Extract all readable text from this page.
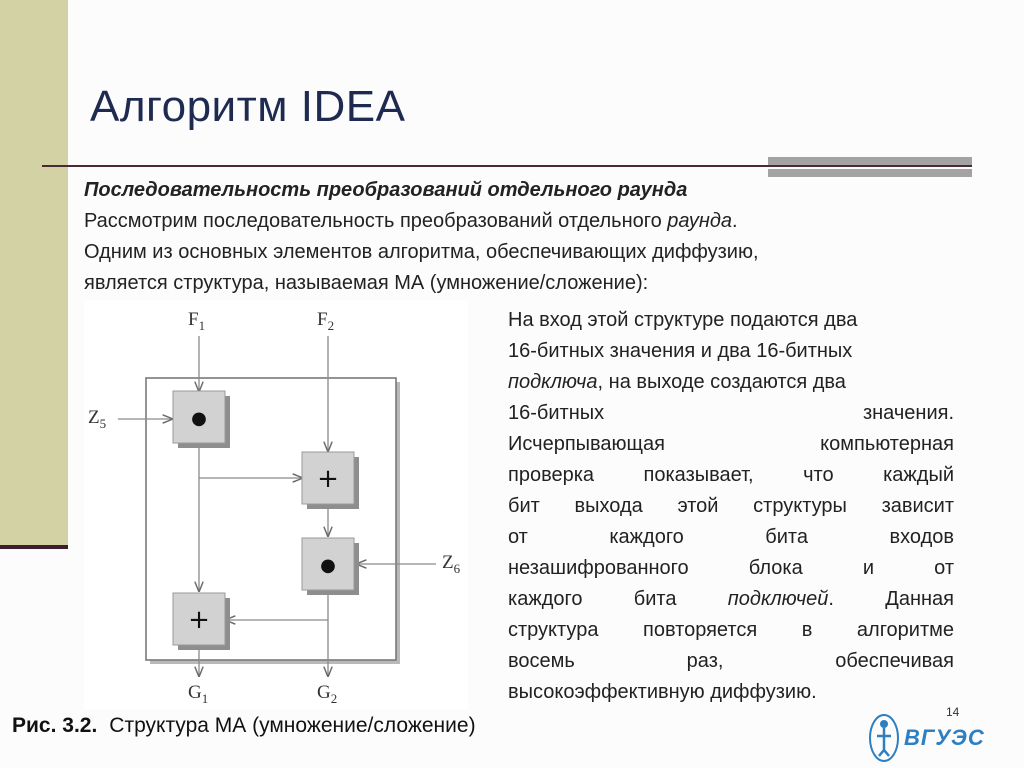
Алгоритм IDEA
Последовательность преобразований отдельного раунда
Рассмотрим последовательность преобразований отдельного раунда.
Одним из основных элементов алгоритма, обеспечивающих диффузию,
является структура, называемая МА (умножение/сложение):
●
+
●
+
$F_1$	$F_2$
$Z_5$
$Z_6$
$G_1$	$G_2$
На вход этой структуре подаются два
16-битных значения и два 16-битных
подключа, на выходе создаются два
16-битных значения.
Исчерпывающая компьютерная
проверка показывает, что каждый
бит выхода этой структуры зависит
от каждого бита входов
незашифрованного блока и от
каждого бита подключей. Данная
структура повторяется в алгоритме
восемь раз, обеспечивая
высокоэффективную диффузию.
Рис. 3.2. Структура МА (умножение/сложение)
14
ВГУЭС
